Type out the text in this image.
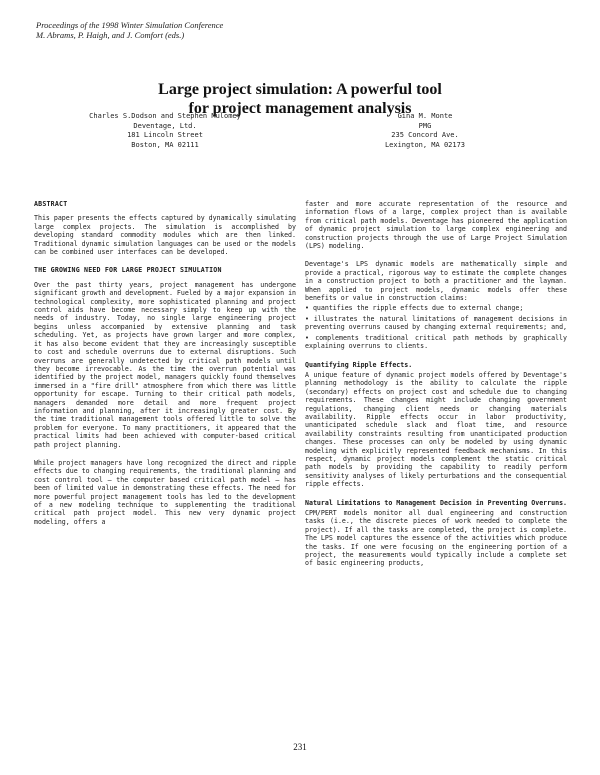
Proceedings of the 1998 Winter Simulation Conference
M. Abrams, P. Haigh, and J. Comfort (eds.)
Large project simulation: A powerful tool
for project management analysis
Charles S.Dodson and Stephen Mulomey
Deventage, Ltd.
181 Lincoln Street
Boston, MA 02111
Gina M. Monte
PMG
235 Concord Ave.
Lexington, MA 02173
ABSTRACT

This paper presents the effects captured by dynamically simulating large complex projects. The simulation is accomplished by developing standard commodity modules which are then linked. Traditional dynamic simulation languages can be used or the models can be combined user interfaces can be developed.

THE GROWING NEED FOR LARGE PROJECT SIMULATION

Over the past thirty years, project management has undergone significant growth and development. Fueled by a major expansion in technological complexity, more sophisticated planning and project control aids have become necessary simply to keep up with the needs of industry. Today, no single large engineering project begins unless accompanied by extensive planning and task scheduling. Yet, as projects have grown larger and more complex, it has also become evident that they are increasingly susceptible to cost and schedule overruns due to external disruptions. Such overruns are generally undetected by critical path models until they become irrevocable. As the time the overrun potential was identified by the project model, managers quickly found themselves immersed in a "fire drill" atmosphere from which there was little opportunity for escape. Turning to their critical path models, managers demanded more detail and more frequent project information and planning, after it increasingly greater cost. By the time traditional management tools offered little to solve the problem for everyone. To many practitioners, it appeared that the practical limits had been achieved with computer-based critical path project planning.

While project managers have long recognized the direct and ripple effects due to changing requirements, the traditional planning and cost control tool — the computer based critical path model — has been of limited value in demonstrating these effects. The need for more powerful project management tools has led to the development of a new modeling technique to supplementing the traditional critical path project model. This new very dynamic project modeling, offers a

faster and more accurate representation of the resource and information flows of a large, complex project than is available from critical path models. Deventage has pioneered the application of dynamic project simulation to large complex engineering and construction projects through the use of Large Project Simulation (LPS) modeling.

Deventage's LPS dynamic models are mathematically simple and provide a practical, rigorous way to estimate the complete changes in a construction project to both a practitioner and the layman. When applied to project models, dynamic models offer these benefits or value in construction claims:

• quantifies the ripple effects due to external change;

• illustrates the natural limitations of management decisions in preventing overruns caused by changing external requirements; and,

• complements traditional critical path methods by graphically explaining overruns to clients.

Quantifying Ripple Effects.

A unique feature of dynamic project models offered by Deventage's planning methodology is the ability to calculate the ripple (secondary) effects on project cost and schedule due to changing requirements. These changes might include changing government regulations, changing client needs or changing materials availability. Ripple effects occur in labor productivity, unanticipated schedule slack and float time, and resource availability constraints resulting from unanticipated production changes. These processes can only be modeled by using dynamic modeling with explicitly represented feedback mechanisms. In this respect, dynamic project models complement the static critical path models by providing the capability to readily perform sensitivity analyses of likely perturbations and the consequential ripple effects.

Natural Limitations to Management Decision in Preventing Overruns.

CPM/PERT models monitor all dual engineering and construction tasks (i.e., the discrete pieces of work needed to complete the project). If all the tasks are completed, the project is complete. The LPS model captures the essence of the activities which produce the tasks. If one were focusing on the engineering portion of a project, the measurements would typically include a complete set of basic engineering products,

231
